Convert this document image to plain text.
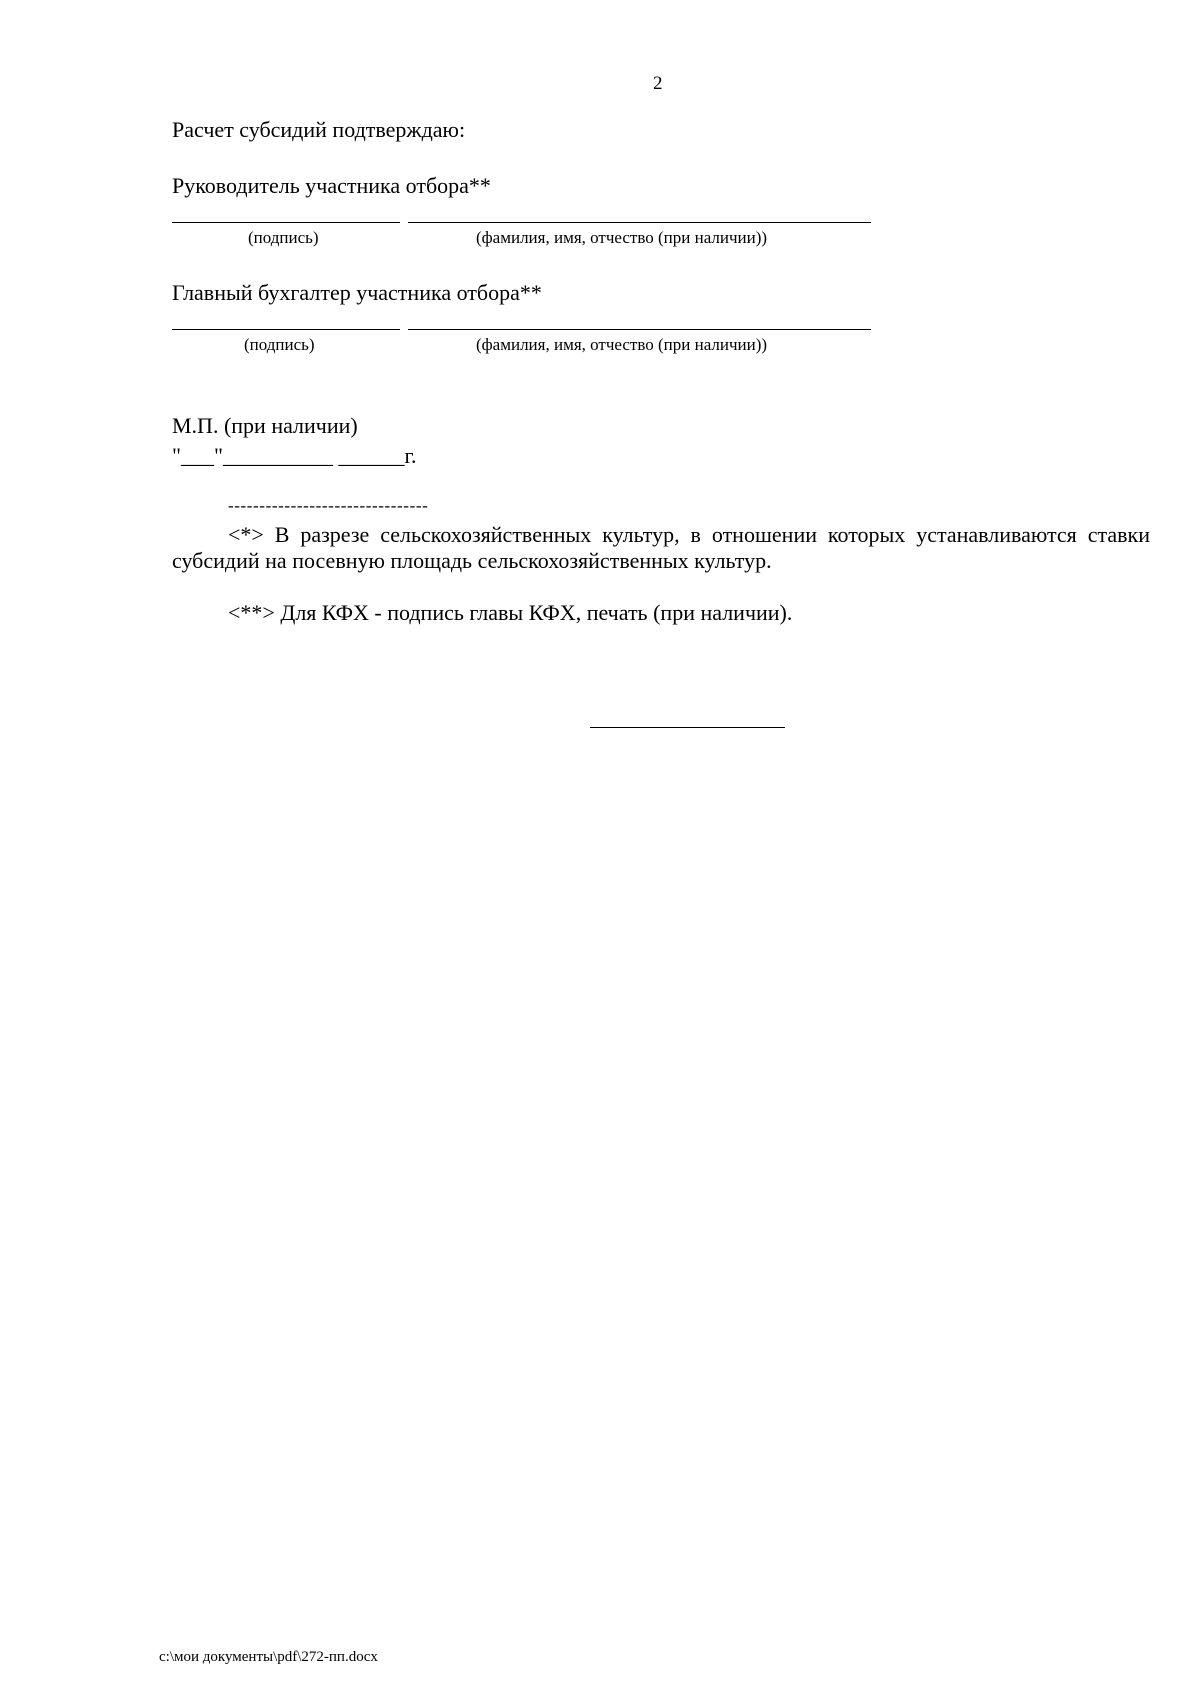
2
Расчет субсидий подтверждаю:
Руководитель участника отбора**
(подпись)	(фамилия, имя, отчество (при наличии))
Главный бухгалтер участника отбора**
(подпись)	(фамилия, имя, отчество (при наличии))
М.П. (при наличии)
"___"__________ ______г.
--------------------------------
<*> В разрезе сельскохозяйственных культур, в отношении которых устанавливаются ставки субсидий на посевную площадь сельскохозяйственных культур.
<**> Для КФХ - подпись главы КФХ, печать (при наличии).
c:\мои документы\pdf\272-пп.docx
